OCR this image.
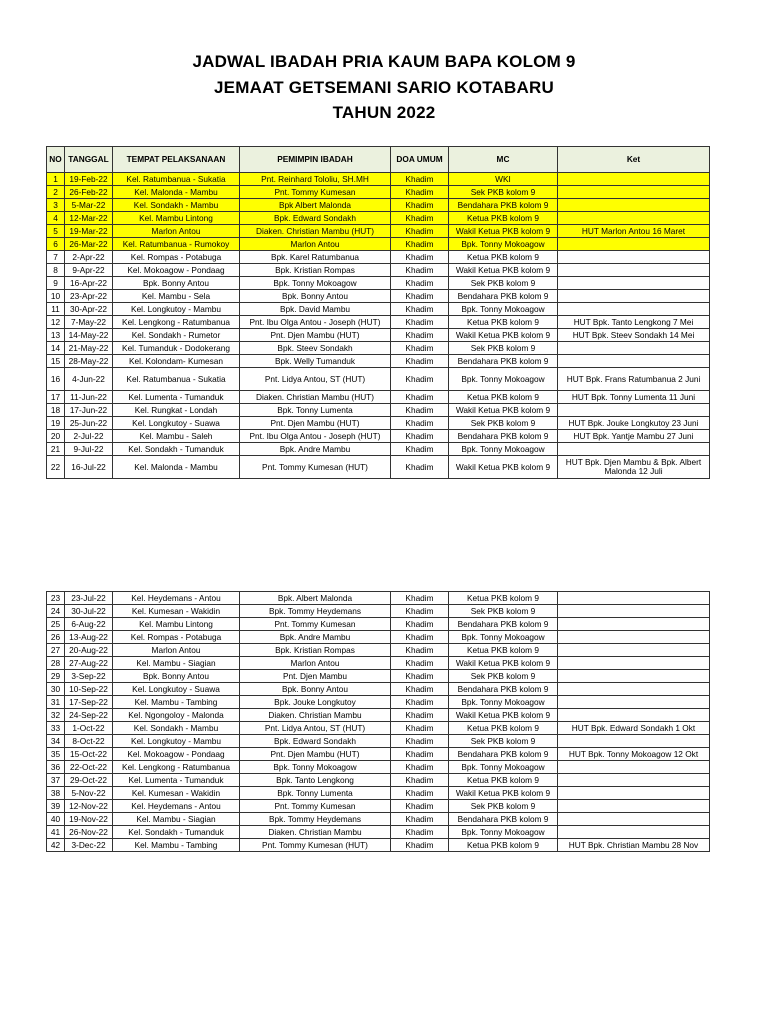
JADWAL IBADAH PRIA KAUM BAPA KOLOM 9
JEMAAT GETSEMANI SARIO KOTABARU
TAHUN 2022
NO	TANGGAL	TEMPAT PELAKSANAAN	PEMIMPIN IBADAH	DOA UMUM	MC	Ket
1	19-Feb-22	Kel. Ratumbanua - Sukatia	Pnt. Reinhard Tololiu, SH.MH	Khadim	WKI	
2	26-Feb-22	Kel. Malonda - Mambu	Pnt. Tommy Kumesan	Khadim	Sek PKB kolom 9	
3	5-Mar-22	Kel. Sondakh - Mambu	Bpk Albert Malonda	Khadim	Bendahara PKB kolom 9	
4	12-Mar-22	Kel. Mambu Lintong	Bpk. Edward Sondakh	Khadim	Ketua PKB kolom 9	
5	19-Mar-22	Marlon Antou	Diaken. Christian Mambu (HUT)	Khadim	Wakil Ketua PKB kolom 9	HUT Marlon Antou 16 Maret
6	26-Mar-22	Kel. Ratumbanua - Rumokoy	Marlon Antou	Khadim	Bpk. Tonny Mokoagow	
7	2-Apr-22	Kel. Rompas - Potabuga	Bpk. Karel Ratumbanua	Khadim	Ketua PKB kolom 9	
8	9-Apr-22	Kel. Mokoagow - Pondaag	Bpk. Kristian Rompas	Khadim	Wakil Ketua PKB kolom 9	
9	16-Apr-22	Bpk. Bonny Antou	Bpk. Tonny Mokoagow	Khadim	Sek PKB kolom 9	
10	23-Apr-22	Kel. Mambu - Sela	Bpk. Bonny Antou	Khadim	Bendahara PKB kolom 9	
11	30-Apr-22	Kel. Longkutoy - Mambu	Bpk. David Mambu	Khadim	Bpk. Tonny Mokoagow	
12	7-May-22	Kel. Lengkong - Ratumbanua	Pnt. Ibu Olga Antou - Joseph (HUT)	Khadim	Ketua PKB kolom 9	HUT Bpk. Tanto Lengkong 7 Mei
13	14-May-22	Kel. Sondakh - Rumetor	Pnt. Djen Mambu (HUT)	Khadim	Wakil Ketua PKB kolom 9	HUT Bpk. Steev Sondakh 14 Mei
14	21-May-22	Kel. Tumanduk - Dodokerang	Bpk. Steev Sondakh	Khadim	Sek PKB kolom 9	
15	28-May-22	Kel. Kolondam- Kumesan	Bpk. Welly Tumanduk	Khadim	Bendahara PKB kolom 9	
16	4-Jun-22	Kel. Ratumbanua - Sukatia	Pnt. Lidya Antou, ST (HUT)	Khadim	Bpk. Tonny Mokoagow	HUT Bpk. Frans Ratumbanua 2 Juni
17	11-Jun-22	Kel. Lumenta - Tumanduk	Diaken. Christian Mambu (HUT)	Khadim	Ketua PKB kolom 9	HUT Bpk. Tonny Lumenta 11 Juni
18	17-Jun-22	Kel. Rungkat - Londah	Bpk. Tonny Lumenta	Khadim	Wakil Ketua PKB kolom 9	
19	25-Jun-22	Kel. Longkutoy - Suawa	Pnt. Djen Mambu (HUT)	Khadim	Sek PKB kolom 9	HUT Bpk. Jouke Longkutoy 23 Juni
20	2-Jul-22	Kel. Mambu - Saleh	Pnt. Ibu Olga Antou - Joseph (HUT)	Khadim	Bendahara PKB kolom 9	HUT Bpk. Yantje Mambu 27 Juni
21	9-Jul-22	Kel. Sondakh - Tumanduk	Bpk. Andre Mambu	Khadim	Bpk. Tonny Mokoagow	
22	16-Jul-22	Kel. Malonda - Mambu	Pnt. Tommy Kumesan (HUT)	Khadim	Wakil Ketua PKB kolom 9	HUT Bpk. Djen Mambu & Bpk. Albert Malonda 12 Juli
23	23-Jul-22	Kel. Heydemans - Antou	Bpk. Albert Malonda	Khadim	Ketua PKB kolom 9	
24	30-Jul-22	Kel. Kumesan - Wakidin	Bpk. Tommy Heydemans	Khadim	Sek PKB kolom 9	
25	6-Aug-22	Kel. Mambu Lintong	Pnt. Tommy Kumesan	Khadim	Bendahara PKB kolom 9	
26	13-Aug-22	Kel. Rompas - Potabuga	Bpk. Andre Mambu	Khadim	Bpk. Tonny Mokoagow	
27	20-Aug-22	Marlon Antou	Bpk. Kristian Rompas	Khadim	Ketua PKB kolom 9	
28	27-Aug-22	Kel. Mambu - Siagian	Marlon Antou	Khadim	Wakil Ketua PKB kolom 9	
29	3-Sep-22	Bpk. Bonny Antou	Pnt. Djen Mambu	Khadim	Sek PKB kolom 9	
30	10-Sep-22	Kel. Longkutoy - Suawa	Bpk. Bonny Antou	Khadim	Bendahara PKB kolom 9	
31	17-Sep-22	Kel. Mambu - Tambing	Bpk. Jouke Longkutoy	Khadim	Bpk. Tonny Mokoagow	
32	24-Sep-22	Kel. Ngongoloy - Malonda	Diaken. Christian Mambu	Khadim	Wakil Ketua PKB kolom 9	
33	1-Oct-22	Kel. Sondakh - Mambu	Pnt. Lidya Antou, ST (HUT)	Khadim	Ketua PKB kolom 9	HUT Bpk. Edward Sondakh 1 Okt
34	8-Oct-22	Kel. Longkutoy - Mambu	Bpk. Edward Sondakh	Khadim	Sek PKB kolom 9	
35	15-Oct-22	Kel. Mokoagow - Pondaag	Pnt. Djen Mambu (HUT)	Khadim	Bendahara PKB kolom 9	HUT Bpk. Tonny Mokoagow 12 Okt
36	22-Oct-22	Kel. Lengkong - Ratumbanua	Bpk. Tonny Mokoagow	Khadim	Bpk. Tonny Mokoagow	
37	29-Oct-22	Kel. Lumenta - Tumanduk	Bpk. Tanto Lengkong	Khadim	Ketua PKB kolom 9	
38	5-Nov-22	Kel. Kumesan - Wakidin	Bpk. Tonny Lumenta	Khadim	Wakil Ketua PKB kolom 9	
39	12-Nov-22	Kel. Heydemans - Antou	Pnt. Tommy Kumesan	Khadim	Sek PKB kolom 9	
40	19-Nov-22	Kel. Mambu - Siagian	Bpk. Tommy Heydemans	Khadim	Bendahara PKB kolom 9	
41	26-Nov-22	Kel. Sondakh - Tumanduk	Diaken. Christian Mambu	Khadim	Bpk. Tonny Mokoagow	
42	3-Dec-22	Kel. Mambu - Tambing	Pnt. Tommy Kumesan (HUT)	Khadim	Ketua PKB kolom 9	HUT Bpk. Christian Mambu 28 Nov
